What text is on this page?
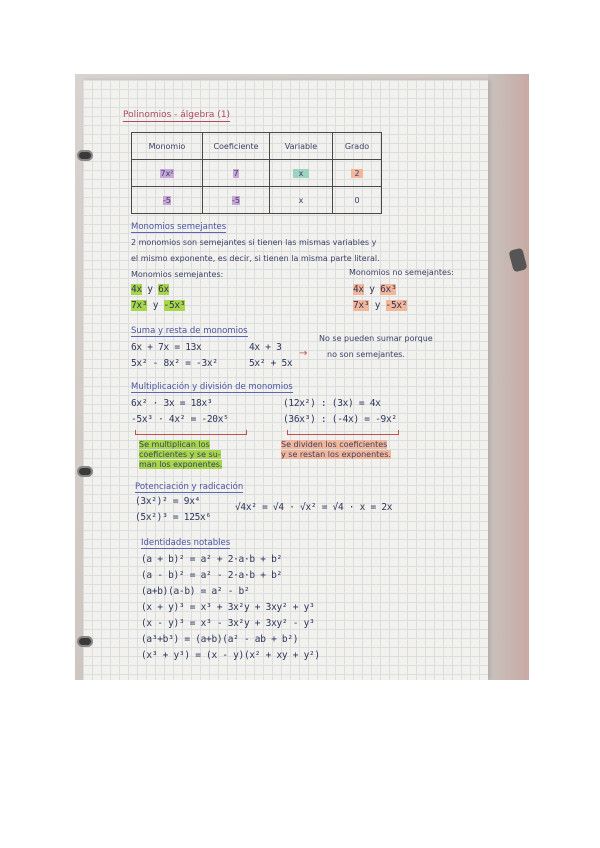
Polinomios - álgebra (1)
Monomio	Coeficiente	Variable	Grado
7x²	7	x	2
-5	-5	x	0
Monomios semejantes
2 monomios son semejantes si tienen las mismas variables y
el mismo exponente, es decir, si tienen la misma parte literal.
Monomios semejantes:
4x y 6x
7x³ y -5x³
Monomios no semejantes:
4x y 6x³
7x³ y -5x²
Suma y resta de monomios
6x + 7x = 13x
5x² - 8x² = -3x²
4x + 3
5x² + 5x
→
No se pueden sumar porque
no son semejantes.
Multiplicación y división de monomios
6x² · 3x = 18x³
-5x³ · 4x² = -20x⁵
(12x²) : (3x) = 4x
(36x³) : (-4x) = -9x²
Se multiplican los
coeficientes y se su-
man los exponentes.
Se dividen los coeficientes
y se restan los exponentes.
Potenciación y radicación
(3x²)² = 9x⁴
(5x²)³ = 125x⁶
√4x² = √4 · √x² = √4 · x = 2x
Identidades notables
(a + b)² = a² + 2·a·b + b²
(a - b)² = a² - 2·a·b + b²
(a+b)(a-b) = a² - b²
(x + y)³ = x³ + 3x²y + 3xy² + y³
(x - y)³ = x³ - 3x²y + 3xy² - y³
(a³+b³) = (a+b)(a² - ab + b²)
(x³ + y³) = (x - y)(x² + xy + y²)
